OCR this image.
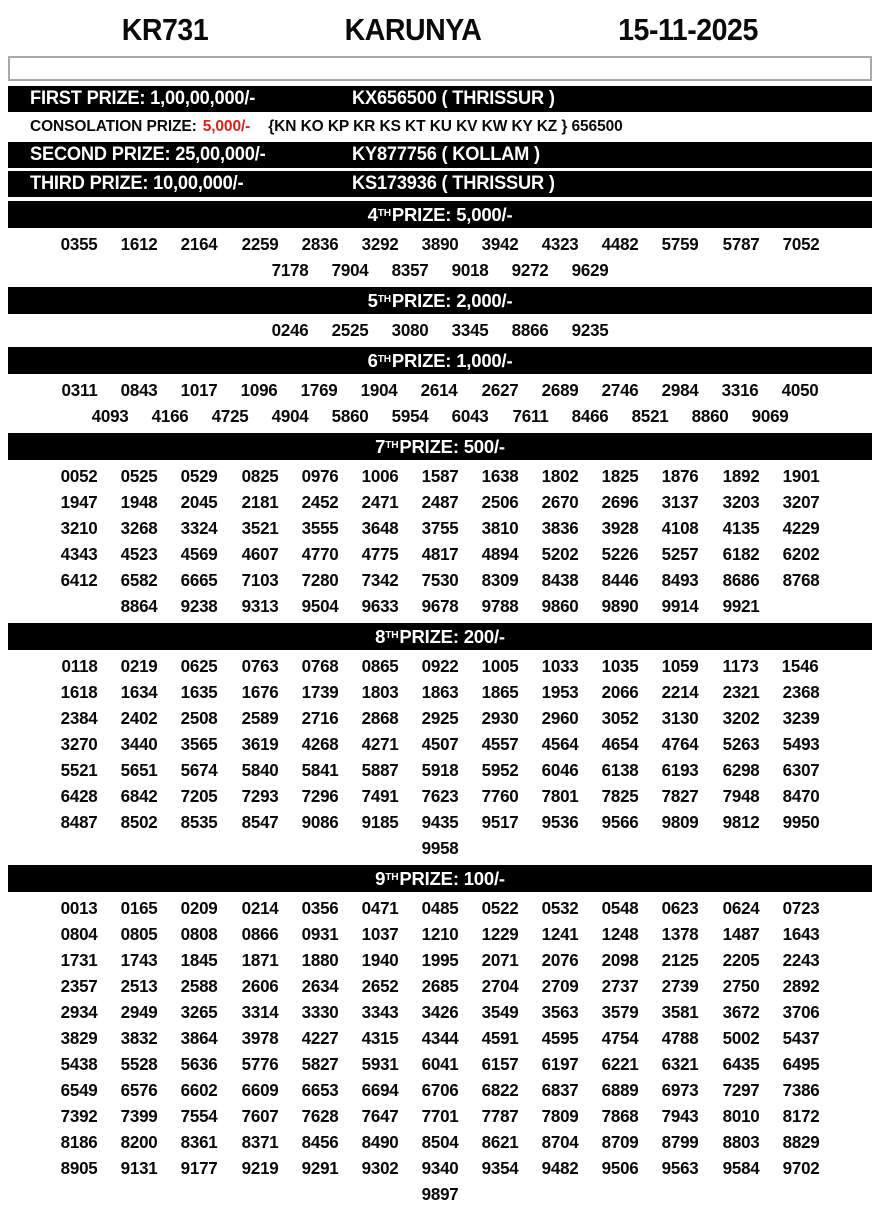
KR731	KARUNYA	15-11-2025
FIRST PRIZE: 1,00,00,000/-	KX656500 ( THRISSUR )
CONSOLATION PRIZE: 5,000/- {KN KO KP KR KS KT KU KV KW KY KZ } 656500
SECOND PRIZE: 25,00,000/-	KY877756 ( KOLLAM )
THIRD PRIZE: 10,00,000/-	KS173936 ( THRISSUR )
4 TH PRIZE: 5,000/-
0355 1612 2164 2259 2836 3292 3890 3942 4323 4482 5759 5787 7052
7178 7904 8357 9018 9272 9629
5 TH PRIZE: 2,000/-
0246 2525 3080 3345 8866 9235
6 TH PRIZE: 1,000/-
0311 0843 1017 1096 1769 1904 2614 2627 2689 2746 2984 3316 4050
4093 4166 4725 4904 5860 5954 6043 7611 8466 8521 8860 9069
7 TH PRIZE: 500/-
0052 0525 0529 0825 0976 1006 1587 1638 1802 1825 1876 1892 1901
1947 1948 2045 2181 2452 2471 2487 2506 2670 2696 3137 3203 3207
3210 3268 3324 3521 3555 3648 3755 3810 3836 3928 4108 4135 4229
4343 4523 4569 4607 4770 4775 4817 4894 5202 5226 5257 6182 6202
6412 6582 6665 7103 7280 7342 7530 8309 8438 8446 8493 8686 8768
8864 9238 9313 9504 9633 9678 9788 9860 9890 9914 9921
8 TH PRIZE: 200/-
0118 0219 0625 0763 0768 0865 0922 1005 1033 1035 1059 1173 1546
1618 1634 1635 1676 1739 1803 1863 1865 1953 2066 2214 2321 2368
2384 2402 2508 2589 2716 2868 2925 2930 2960 3052 3130 3202 3239
3270 3440 3565 3619 4268 4271 4507 4557 4564 4654 4764 5263 5493
5521 5651 5674 5840 5841 5887 5918 5952 6046 6138 6193 6298 6307
6428 6842 7205 7293 7296 7491 7623 7760 7801 7825 7827 7948 8470
8487 8502 8535 8547 9086 9185 9435 9517 9536 9566 9809 9812 9950
9958
9 TH PRIZE: 100/-
0013 0165 0209 0214 0356 0471 0485 0522 0532 0548 0623 0624 0723
0804 0805 0808 0866 0931 1037 1210 1229 1241 1248 1378 1487 1643
1731 1743 1845 1871 1880 1940 1995 2071 2076 2098 2125 2205 2243
2357 2513 2588 2606 2634 2652 2685 2704 2709 2737 2739 2750 2892
2934 2949 3265 3314 3330 3343 3426 3549 3563 3579 3581 3672 3706
3829 3832 3864 3978 4227 4315 4344 4591 4595 4754 4788 5002 5437
5438 5528 5636 5776 5827 5931 6041 6157 6197 6221 6321 6435 6495
6549 6576 6602 6609 6653 6694 6706 6822 6837 6889 6973 7297 7386
7392 7399 7554 7607 7628 7647 7701 7787 7809 7868 7943 8010 8172
8186 8200 8361 8371 8456 8490 8504 8621 8704 8709 8799 8803 8829
8905 9131 9177 9219 9291 9302 9340 9354 9482 9506 9563 9584 9702
9897
